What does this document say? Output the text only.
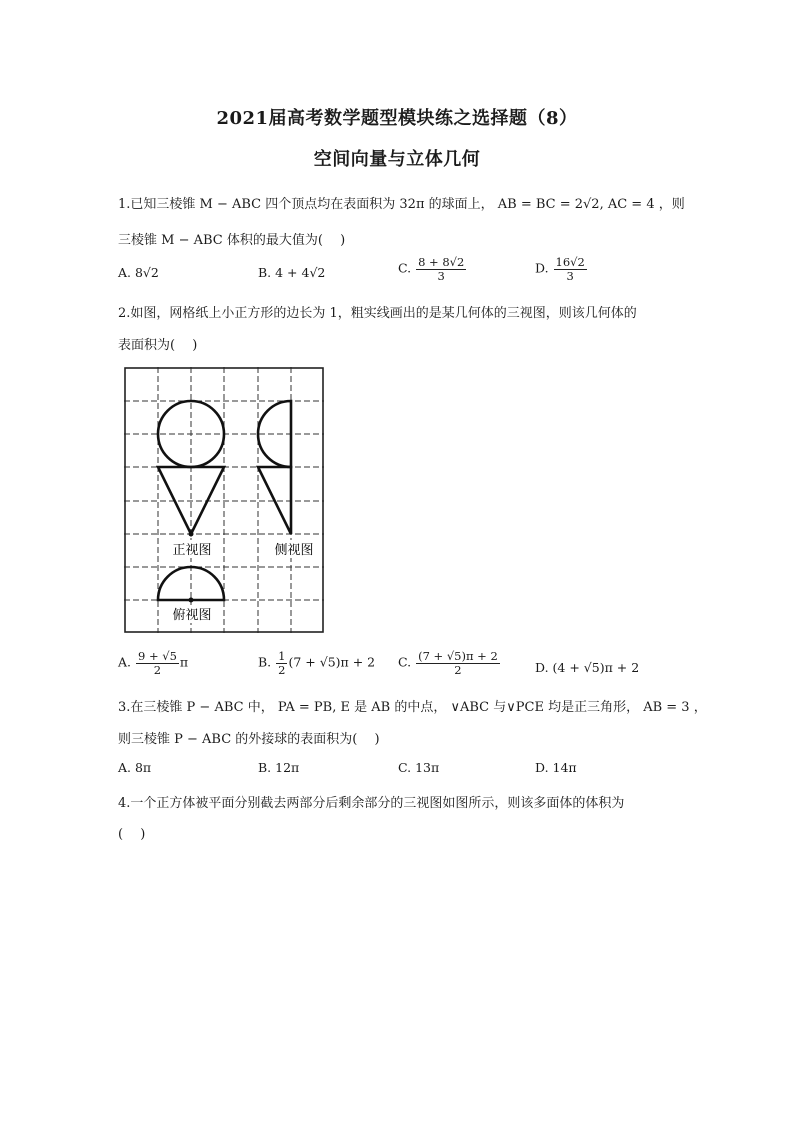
2021届高考数学题型模块练之选择题（8）
空间向量与立体几何
1.已知三棱锥 M − ABC 四个顶点均在表面积为 32π 的球面上， AB = BC = 2√2, AC = 4 ，则
三棱锥 M − ABC 体积的最大值为(　 )
A. 8√2	B. 4 + 4√2	C. $\frac{8 + 8√2}{3}$	D. $\frac{16√2}{3}$
2.如图，网格纸上小正方形的边长为 1，粗实线画出的是某几何体的三视图，则该几何体的
表面积为(　 )
正视图	侧视图
俯视图
A. $\frac{9 + √5}{2}$ π	B. $\frac{1}{2} (7 + √5)\pi + 2$ C. $\frac{(7 + √5)\pi + 2}{2}$	D. (4 + √5)π + 2
3.在三棱锥 P − ABC 中， PA = PB, E 是 AB 的中点， ∨ABC 与∨PCE 均是正三角形， AB = 3 ，
则三棱锥 P − ABC 的外接球的表面积为(　 )
A. 8π	B. 12π	C. 13π	D. 14π
4.一个正方体被平面分别截去两部分后剩余部分的三视图如图所示，则该多面体的体积为
(　 )
